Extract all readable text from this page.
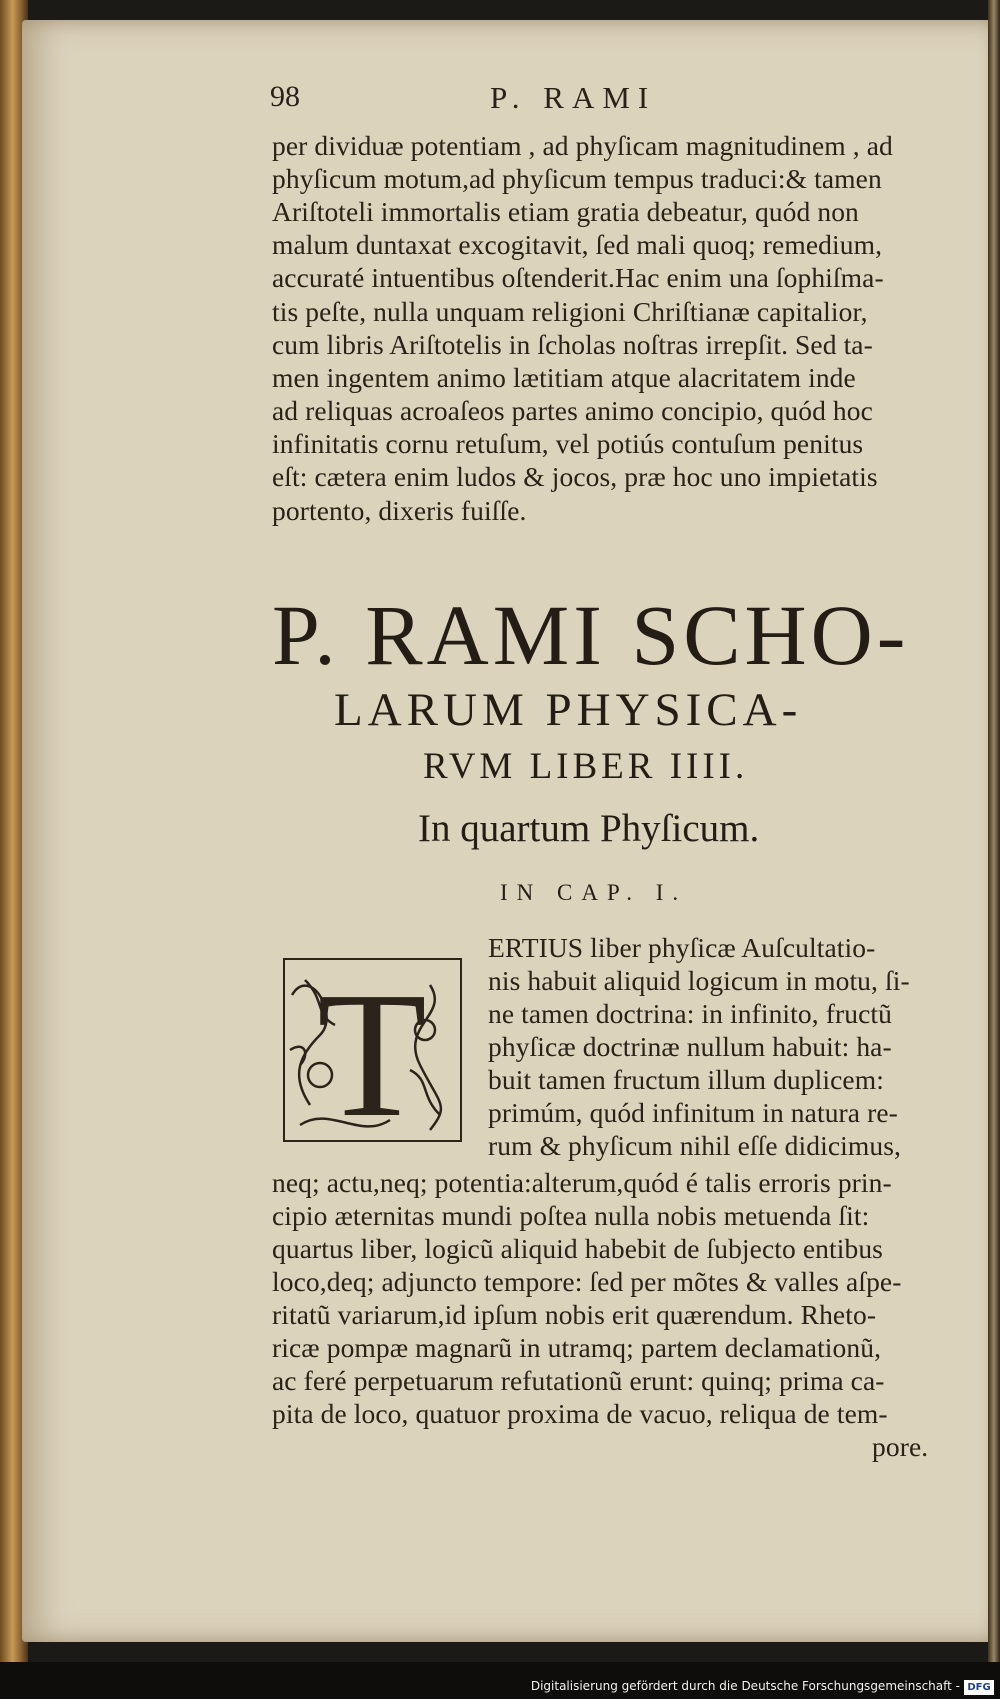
98	P. RAMI
per dividuæ potentiam , ad phyſicam magnitudinem , ad
phyſicum motum,ad phyſicum tempus traduci:& tamen
Ariſtoteli immortalis etiam gratia debeatur, quód non
malum duntaxat excogitavit, ſed mali quoq; remedium,
accuraté intuentibus oſtenderit.Hac enim una ſophiſma-
tis peſte, nulla unquam religioni Chriſtianæ capitalior,
cum libris Ariſtotelis in ſcholas noſtras irrepſit. Sed ta-
men ingentem animo lætitiam atque alacritatem inde
ad reliquas acroaſeos partes animo concipio, quód hoc
infinitatis cornu retuſum, vel potiús contuſum penitus
eſt: cætera enim ludos & jocos, præ hoc uno impietatis
portento, dixeris fuiſſe.
P. RAMI SCHO-
LARUM PHYSICA-
RVM LIBER IIII.
In quartum Phyſicum.
IN CAP. I.
T
ERTIUS liber phyſicæ Auſcultatio-
nis habuit aliquid logicum in motu, ſi-
ne tamen doctrina: in infinito, fructũ
phyſicæ doctrinæ nullum habuit: ha-
buit tamen fructum illum duplicem:
primúm, quód infinitum in natura re-
rum & phyſicum nihil eſſe didicimus,
neq; actu,neq; potentia:alterum,quód é talis erroris prin-
cipio æternitas mundi poſtea nulla nobis metuenda ſit:
quartus liber, logicũ aliquid habebit de ſubjecto entibus
loco,deq; adjuncto tempore: ſed per mõtes & valles aſpe-
ritatũ variarum,id ipſum nobis erit quærendum. Rheto-
ricæ pompæ magnarũ in utramq; partem declamationũ,
ac feré perpetuarum refutationũ erunt: quinq; prima ca-
pita de loco, quatuor proxima de vacuo, reliqua de tem-
pore.
Digitalisierung gefördert durch die Deutsche Forschungsgemeinschaft - DFG
